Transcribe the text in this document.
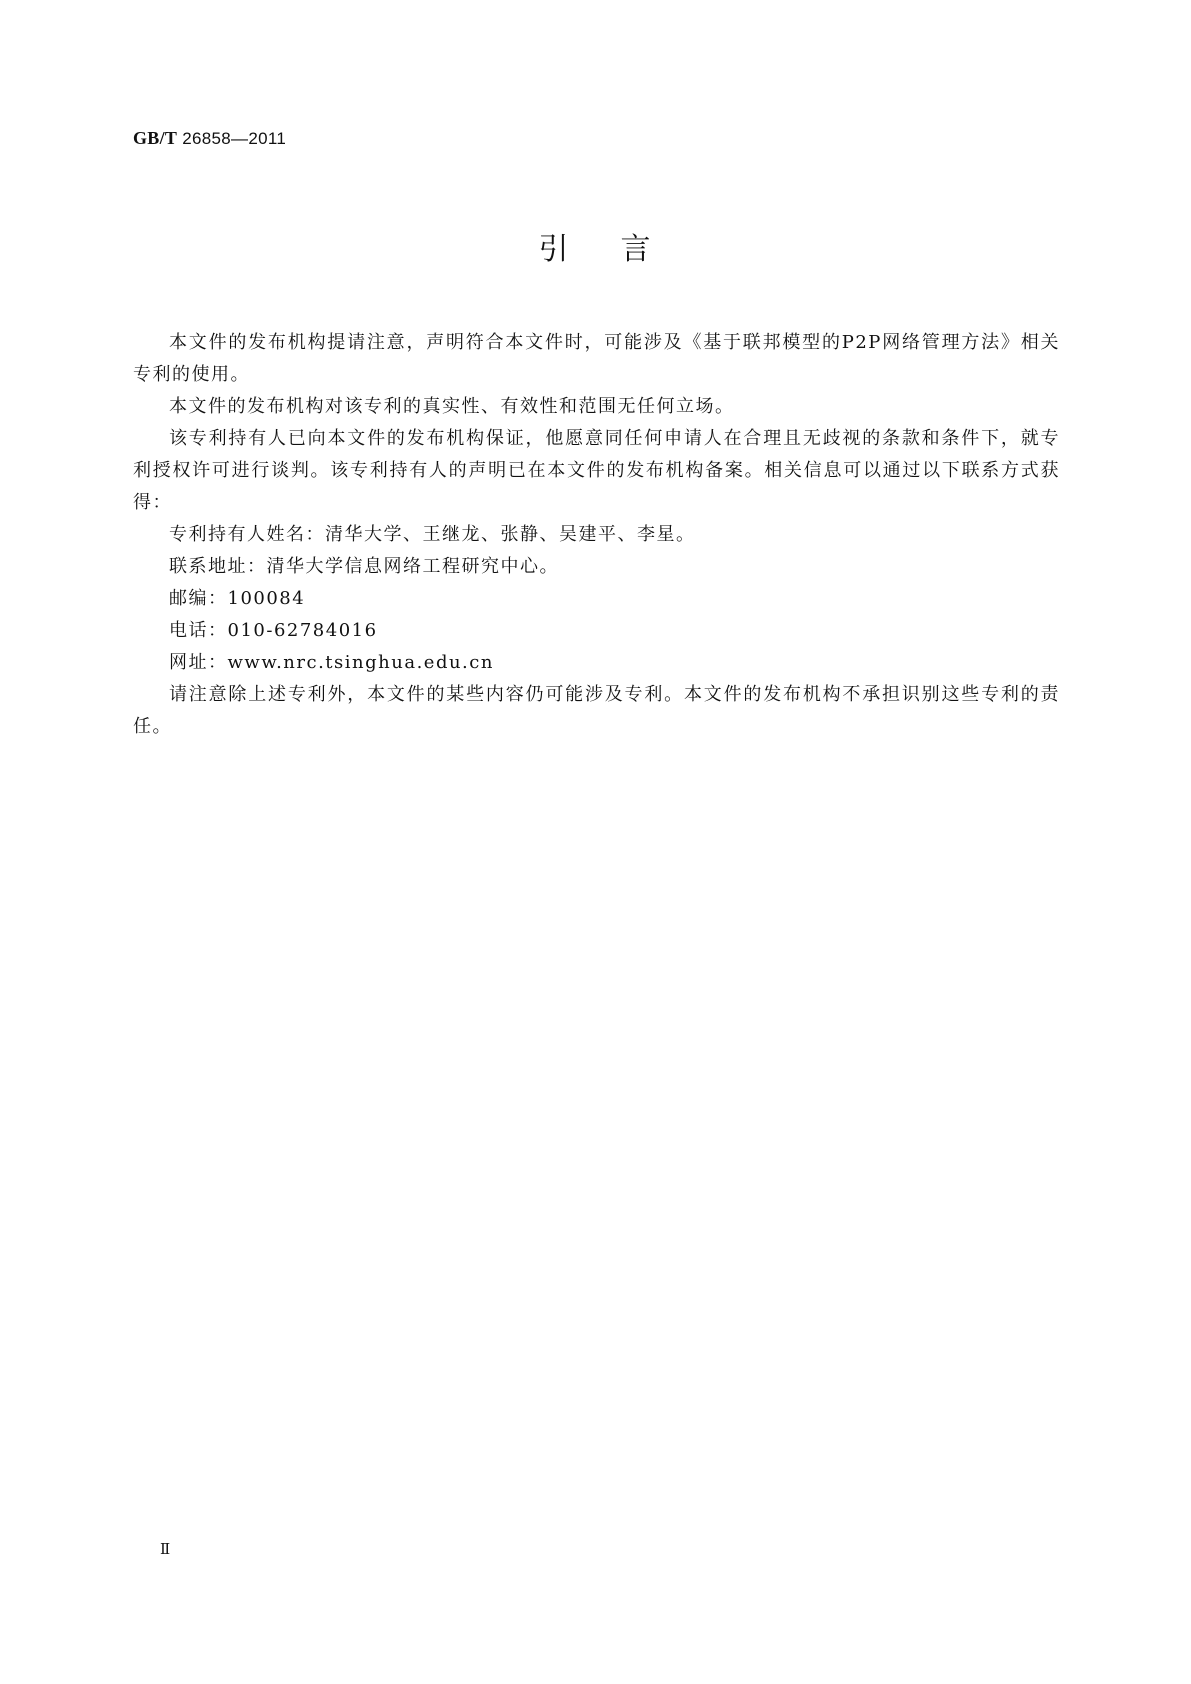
GB/T 26858—2011
引 言

本文件的发布机构提请注意，声明符合本文件时，可能涉及《基于联邦模型的P2P网络管理方法》相关专利的使用。

本文件的发布机构对该专利的真实性、有效性和范围无任何立场。

该专利持有人已向本文件的发布机构保证，他愿意同任何申请人在合理且无歧视的条款和条件下，就专利授权许可进行谈判。该专利持有人的声明已在本文件的发布机构备案。相关信息可以通过以下联系方式获得：

专利持有人姓名：清华大学、王继龙、张静、吴建平、李星。

联系地址：清华大学信息网络工程研究中心。

邮编：100084

电话：010-62784016

网址：www.nrc.tsinghua.edu.cn

请注意除上述专利外，本文件的某些内容仍可能涉及专利。本文件的发布机构不承担识别这些专利的责任。

Ⅱ
